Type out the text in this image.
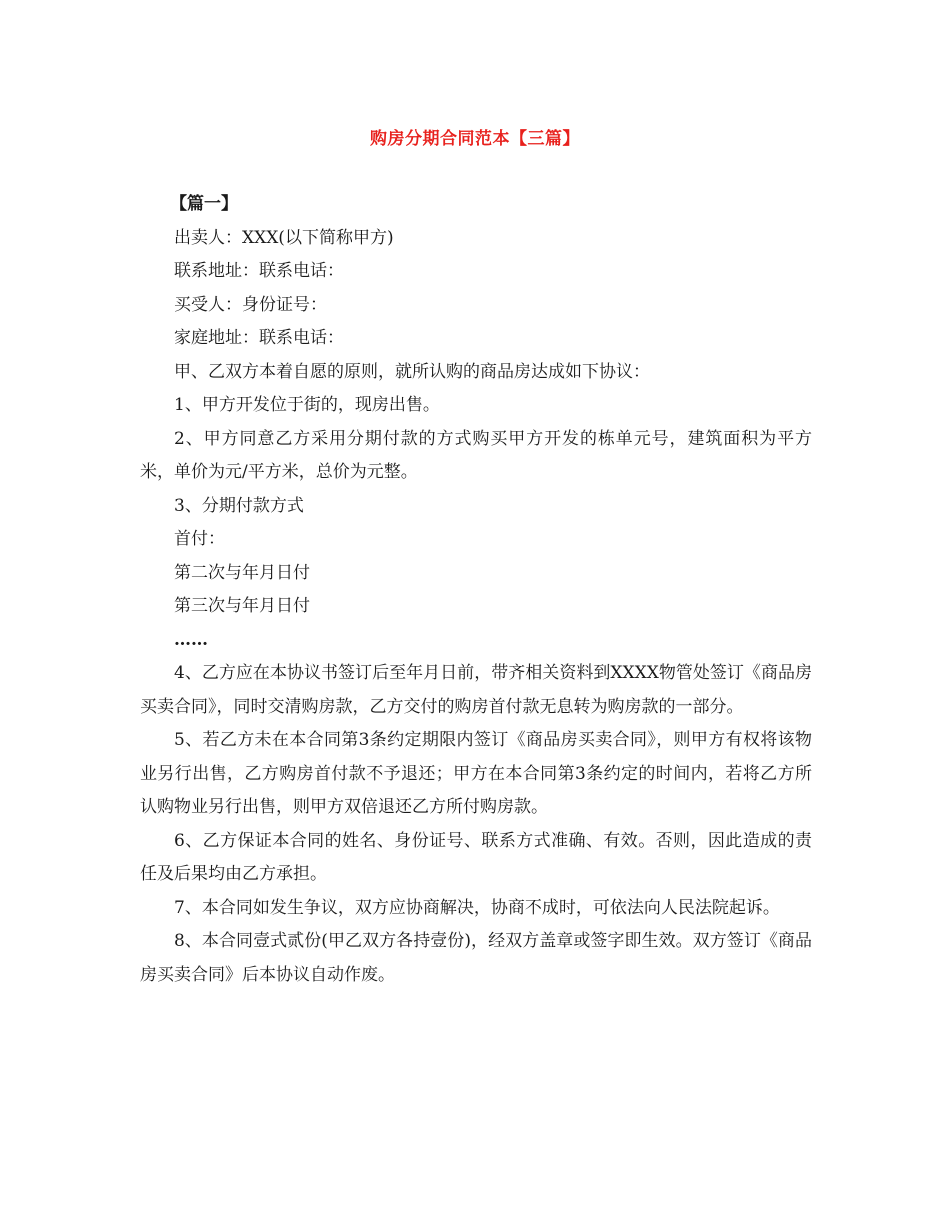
购房分期合同范本【三篇】

【篇一】

出卖人：XXX(以下简称甲方)

联系地址：联系电话：

买受人：身份证号：

家庭地址：联系电话：

甲、乙双方本着自愿的原则，就所认购的商品房达成如下协议：

1、甲方开发位于街的，现房出售。

2、甲方同意乙方采用分期付款的方式购买甲方开发的栋单元号，建筑面积为平方米，单价为元/平方米，总价为元整。

3、分期付款方式

首付：

第二次与年月日付

第三次与年月日付

……

4、乙方应在本协议书签订后至年月日前，带齐相关资料到XXXX物管处签订《商品房买卖合同》，同时交清购房款，乙方交付的购房首付款无息转为购房款的一部分。

5、若乙方未在本合同第3条约定期限内签订《商品房买卖合同》，则甲方有权将该物业另行出售，乙方购房首付款不予退还；甲方在本合同第3条约定的时间内，若将乙方所认购物业另行出售，则甲方双倍退还乙方所付购房款。

6、乙方保证本合同的姓名、身份证号、联系方式准确、有效。否则，因此造成的责任及后果均由乙方承担。

7、本合同如发生争议，双方应协商解决，协商不成时，可依法向人民法院起诉。

8、本合同壹式贰份(甲乙双方各持壹份)，经双方盖章或签字即生效。双方签订《商品房买卖合同》后本协议自动作废。
